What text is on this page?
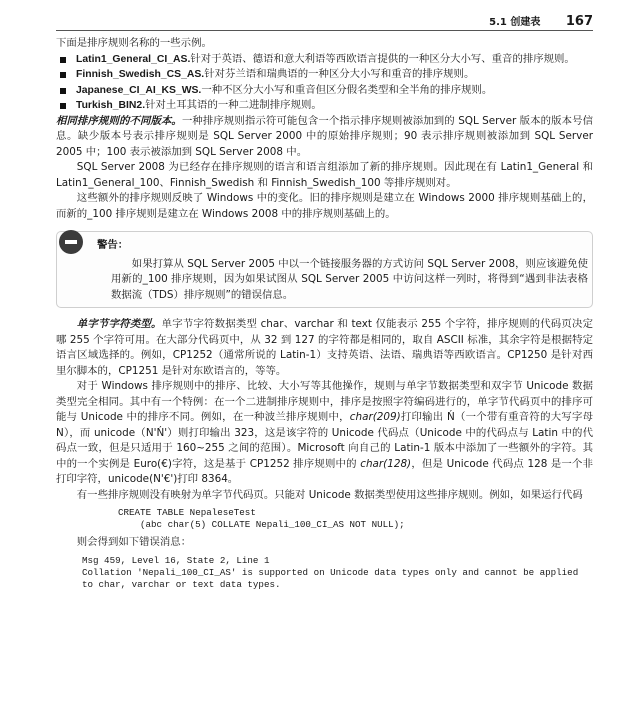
5.1 创建表 167

下面是排序规则名称的一些示例。

Latin1_General_CI_AS.针对于英语、德语和意大利语等西欧语言提供的一种区分大小写、重音的排序规则。
Finnish_Swedish_CS_AS.针对芬兰语和瑞典语的一种区分大小写和重音的排序规则。
Japanese_CI_AI_KS_WS.一种不区分大小写和重音但区分假名类型和全半角的排序规则。
Turkish_BIN2.针对土耳其语的一种二进制排序规则。

相同排序规则的不同版本。一种排序规则指示符可能包含一个指示排序规则被添加到的 SQL Server 版本的版本号信息。缺少版本号表示排序规则是 SQL Server 2000 中的原始排序规则；90 表示排序规则被添加到 SQL Server 2005 中；100 表示被添加到 SQL Server 2008 中。

SQL Server 2008 为已经存在排序规则的语言和语言组添加了新的排序规则。因此现在有 Latin1_General 和 Latin1_General_100、Finnish_Swedish 和 Finnish_Swedish_100 等排序规则对。

这些额外的排序规则反映了 Windows 中的变化。旧的排序规则是建立在 Windows 2000 排序规则基础上的，而新的_100 排序规则是建立在 Windows 2008 中的排序规则基础上的。

警告：
如果打算从 SQL Server 2005 中以一个链接服务器的方式访问 SQL Server 2008，则应该避免使用新的_100 排序规则，因为如果试图从 SQL Server 2005 中访问这样一列时，将得到“遇到非法表格数据流（TDS）排序规则”的错误信息。

单字节字符类型。单字节字符数据类型 char、varchar 和 text 仅能表示 255 个字符，排序规则的代码页决定哪 255 个字符可用。在大部分代码页中，从 32 到 127 的字符都是相同的，取自 ASCII 标准，其余字符是根据特定语言区域选择的。例如，CP1252（通常所说的 Latin-1）支持英语、法语、瑞典语等西欧语言。CP1250 是针对西里尔脚本的，CP1251 是针对东欧语言的，等等。

对于 Windows 排序规则中的排序、比较、大小写等其他操作，规则与单字节数据类型和双字节 Unicode 数据类型完全相同。其中有一个特例：在一个二进制排序规则中，排序是按照字符编码进行的，单字节代码页中的排序可能与 Unicode 中的排序不同。例如，在一种波兰排序规则中，char(209)打印输出 Ń（一个带有重音符的大写字母 N），而 unicode（N'Ń'）则打印输出 323，这是该字符的 Unicode 代码点（Unicode 中的代码点与 Latin 中的代码点一致，但是只适用于 160~255 之间的范围）。Microsoft 向自己的 Latin-1 版本中添加了一些额外的字符。其中的一个实例是 Euro(€)字符，这是基于 CP1252 排序规则中的 char(128)，但是 Unicode 代码点 128 是一个非打印字符，unicode(N'€')打印 8364。

有一些排序规则没有映射为单字节代码页。只能对 Unicode 数据类型使用这些排序规则。例如，如果运行代码

CREATE TABLE NepaleseTest
(abc char(5) COLLATE Nepali_100_CI_AS NOT NULL);

则会得到如下错误消息：

Msg 459, Level 16, State 2, Line 1
Collation 'Nepali_100_CI_AS' is supported on Unicode data types only and cannot be applied
to char, varchar or text data types.
